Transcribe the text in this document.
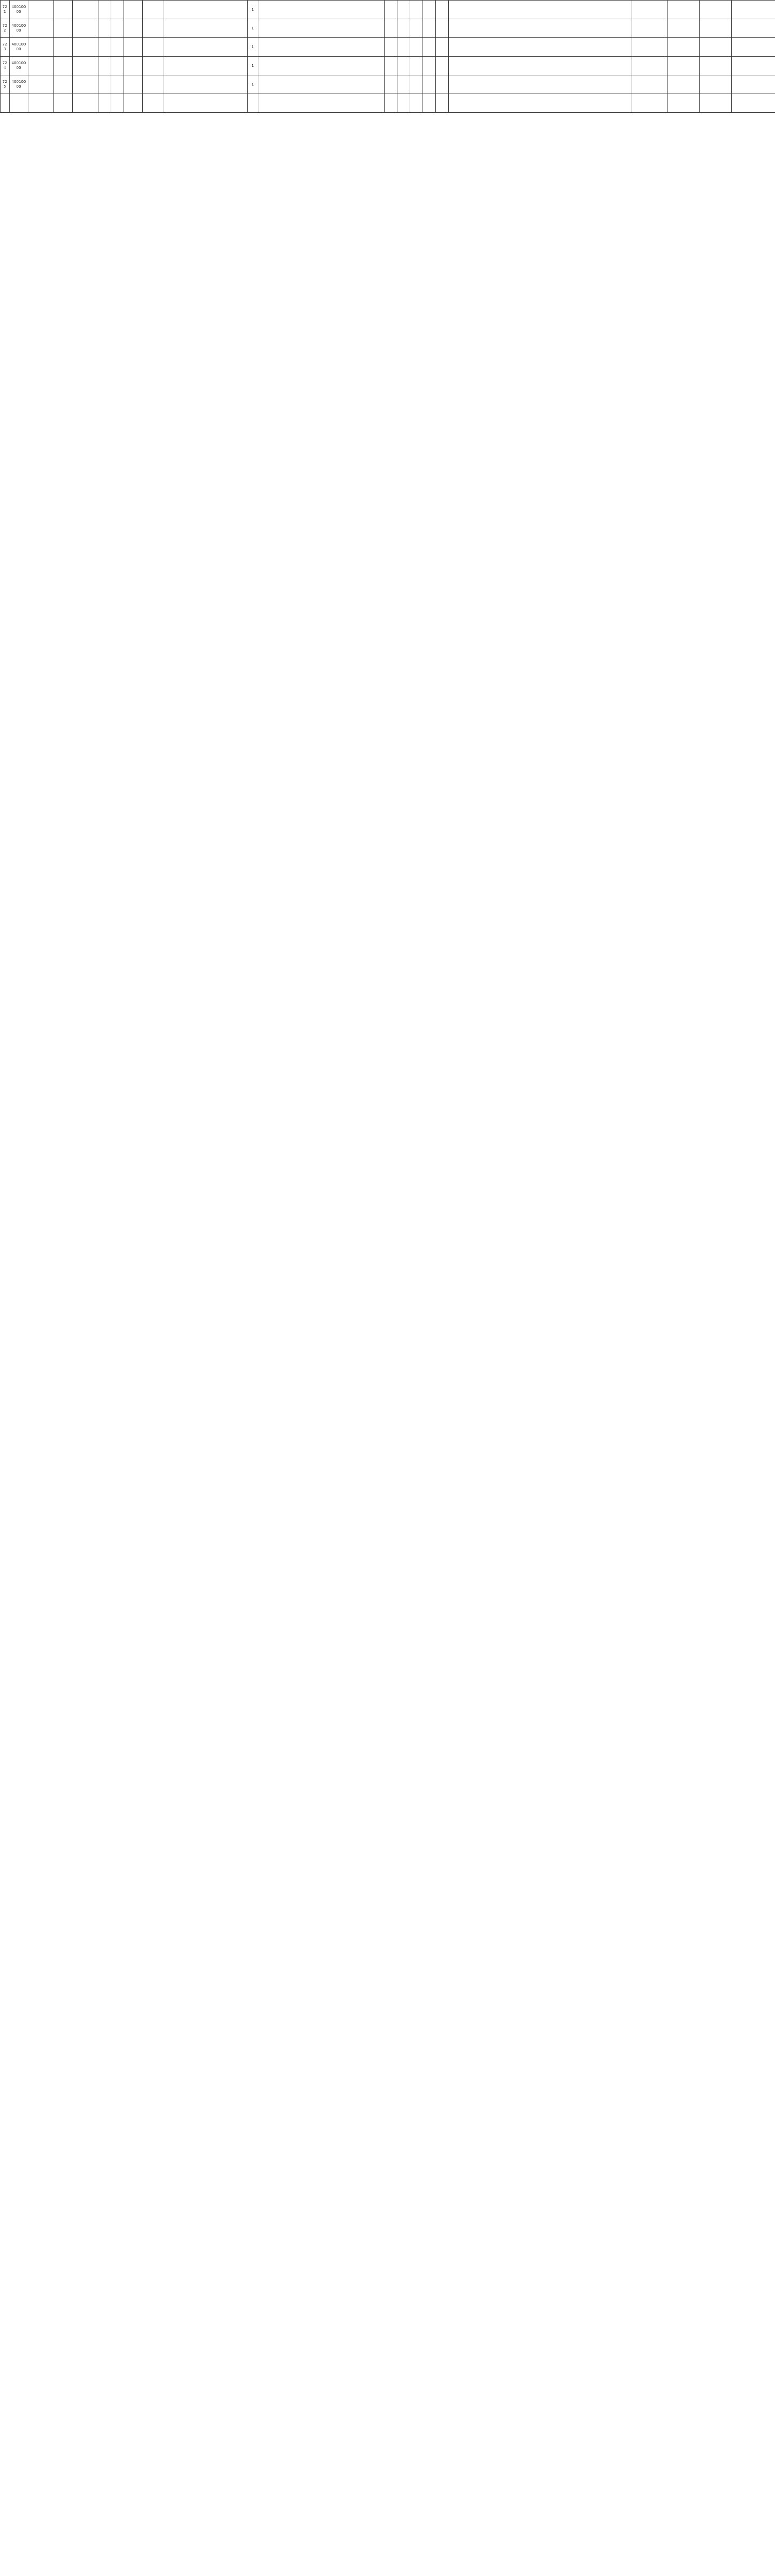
721	40010000									1											
722	40010000									1											
723	40010000									1											
724	40010000									1											
725	40010000									1											
